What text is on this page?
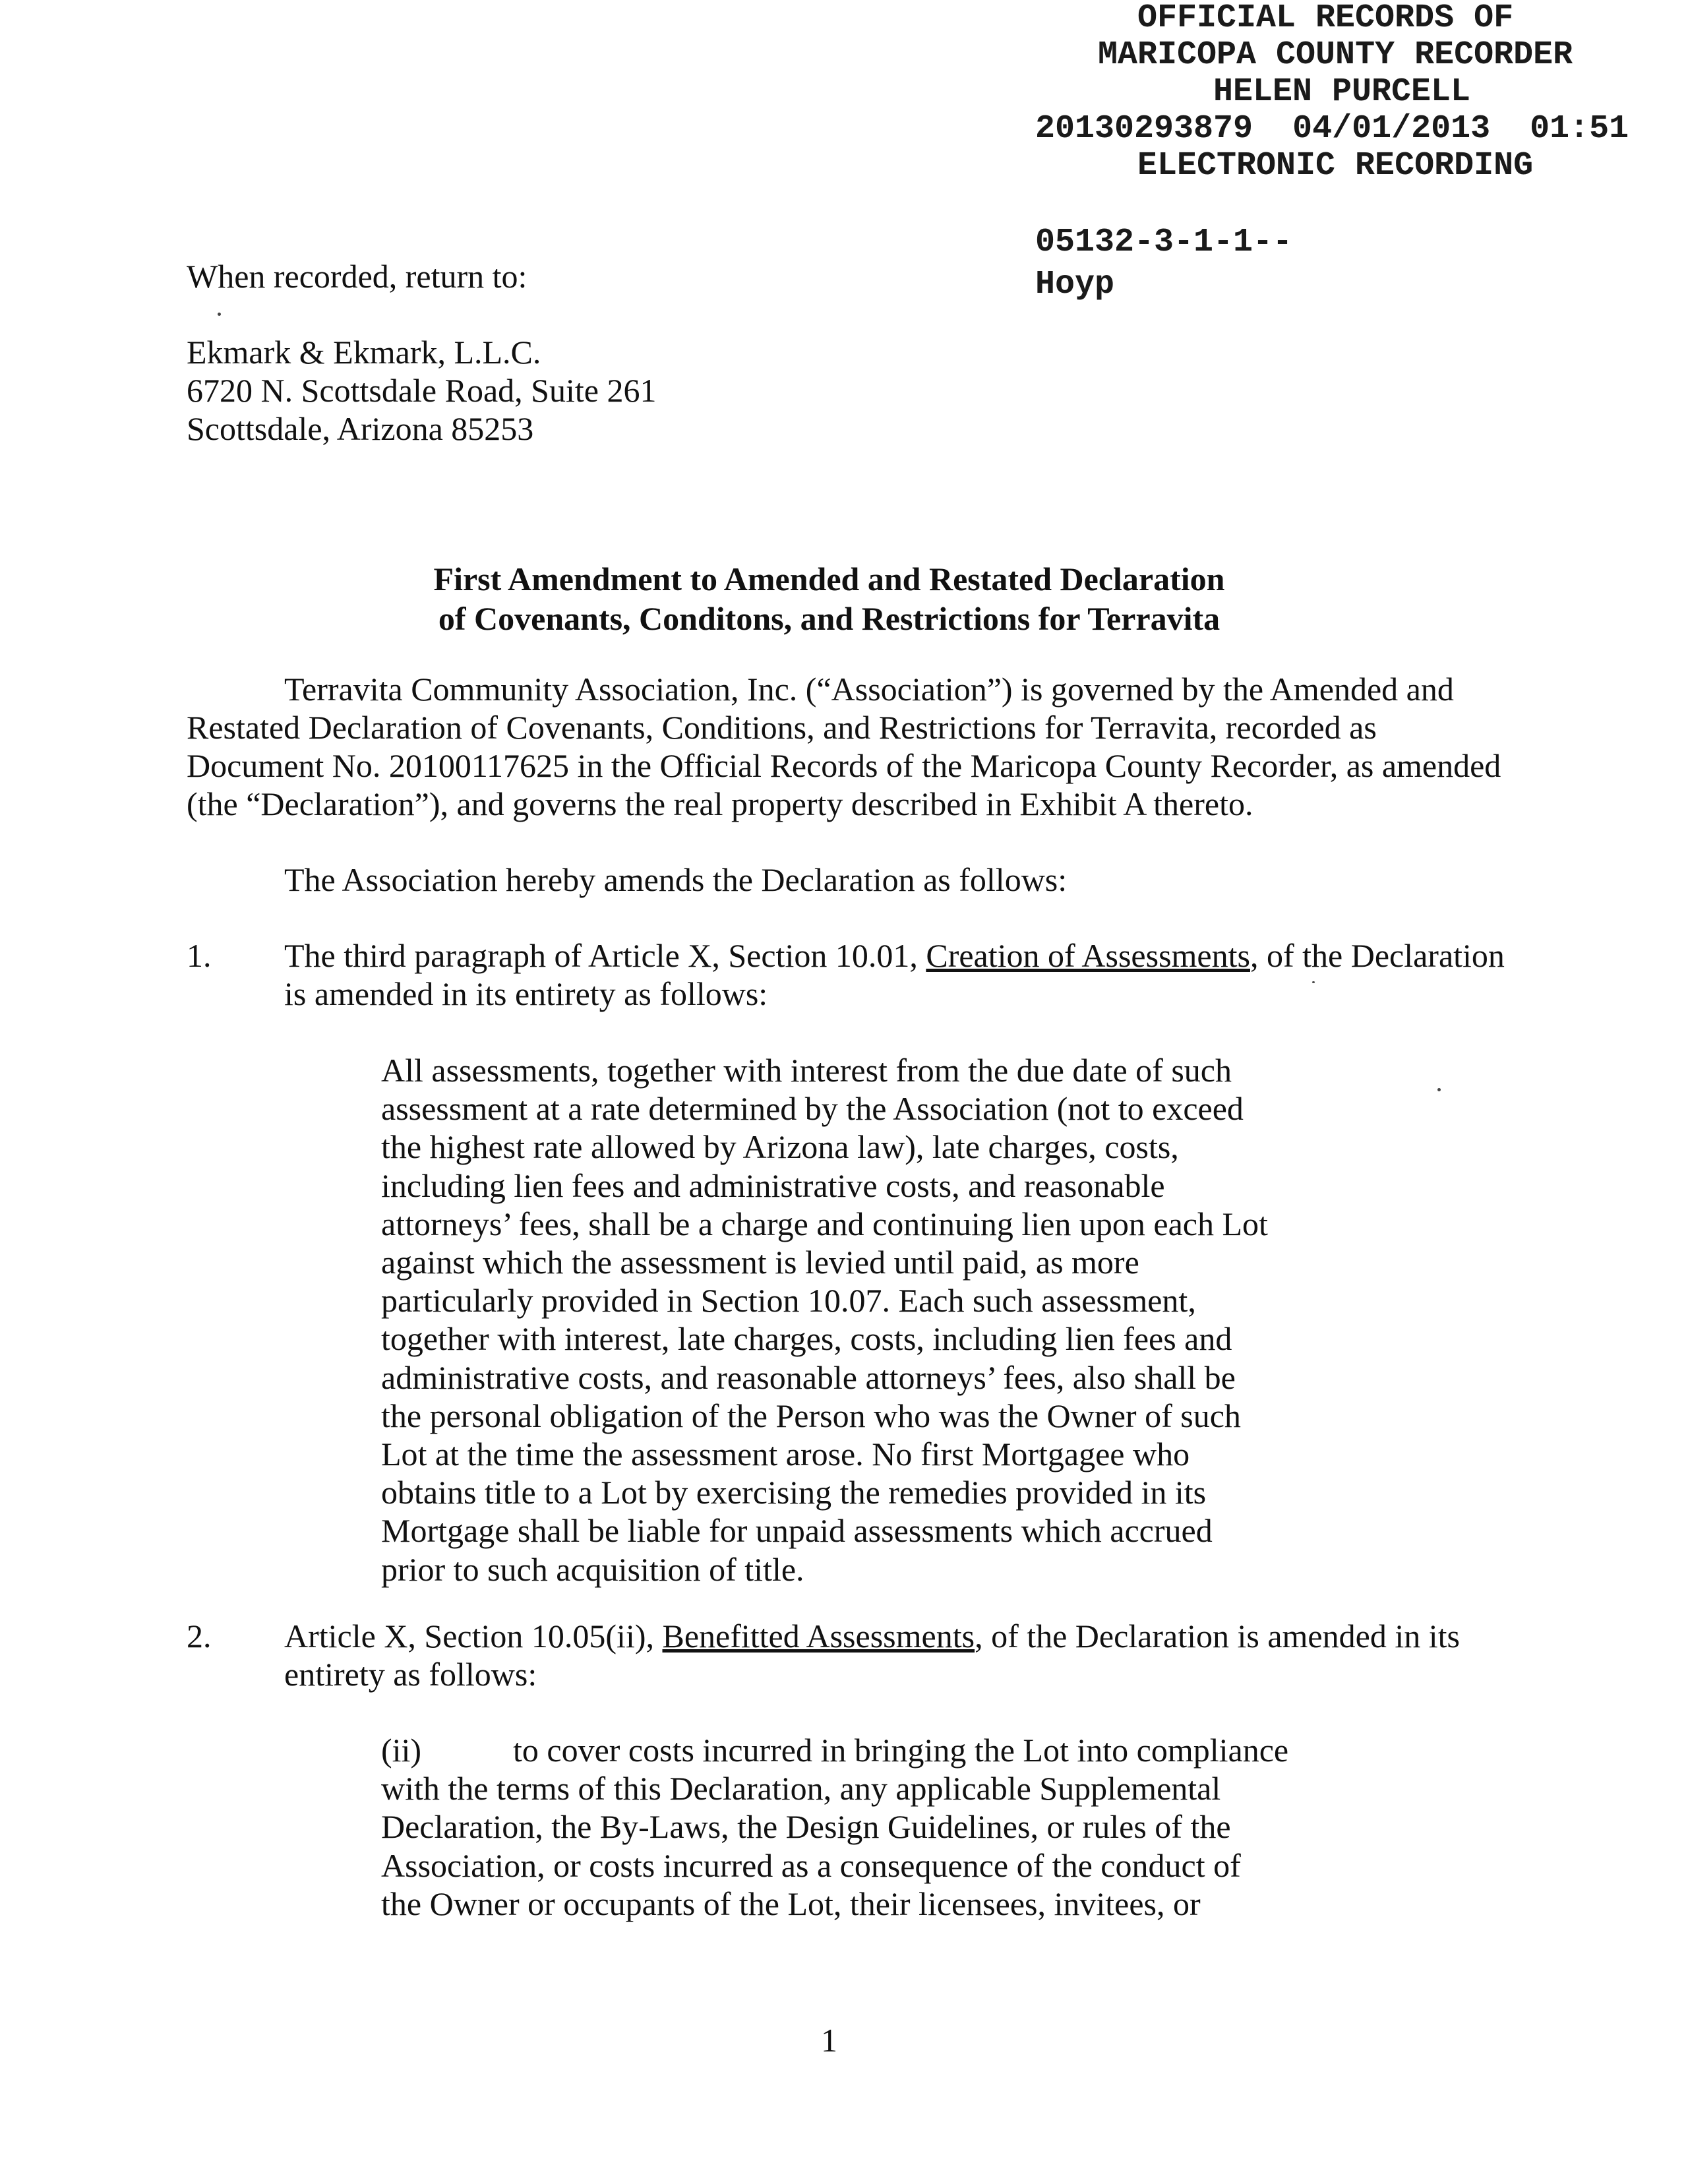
OFFICIAL RECORDS OF
MARICOPA COUNTY RECORDER
HELEN PURCELL
20130293879  04/01/2013  01:51
ELECTRONIC RECORDING
05132-3-1-1--
Hoyp
When recorded, return to:
Ekmark & Ekmark, L.L.C.
6720 N. Scottsdale Road, Suite 261
Scottsdale, Arizona 85253
First Amendment to Amended and Restated Declaration
of Covenants, Conditons, and Restrictions for Terravita
Terravita Community Association, Inc. (“Association”) is governed by the Amended and Restated Declaration of Covenants, Conditions, and Restrictions for Terravita, recorded as Document No. 20100117625 in the Official Records of the Maricopa County Recorder, as amended (the “Declaration”), and governs the real property described in Exhibit A thereto.
The Association hereby amends the Declaration as follows:
1. The third paragraph of Article X, Section 10.01, Creation of Assessments, of the Declaration is amended in its entirety as follows:
All assessments, together with interest from the due date of such
assessment at a rate determined by the Association (not to exceed
the highest rate allowed by Arizona law), late charges, costs,
including lien fees and administrative costs, and reasonable
attorneys’ fees, shall be a charge and continuing lien upon each Lot
against which the assessment is levied until paid, as more
particularly provided in Section 10.07. Each such assessment,
together with interest, late charges, costs, including lien fees and
administrative costs, and reasonable attorneys’ fees, also shall be
the personal obligation of the Person who was the Owner of such
Lot at the time the assessment arose. No first Mortgagee who
obtains title to a Lot by exercising the remedies provided in its
Mortgage shall be liable for unpaid assessments which accrued
prior to such acquisition of title.
2. Article X, Section 10.05(ii), Benefitted Assessments, of the Declaration is amended in its entirety as follows:
(ii)	to cover costs incurred in bringing the Lot into compliance
with the terms of this Declaration, any applicable Supplemental
Declaration, the By-Laws, the Design Guidelines, or rules of the
Association, or costs incurred as a consequence of the conduct of
the Owner or occupants of the Lot, their licensees, invitees, or
1
